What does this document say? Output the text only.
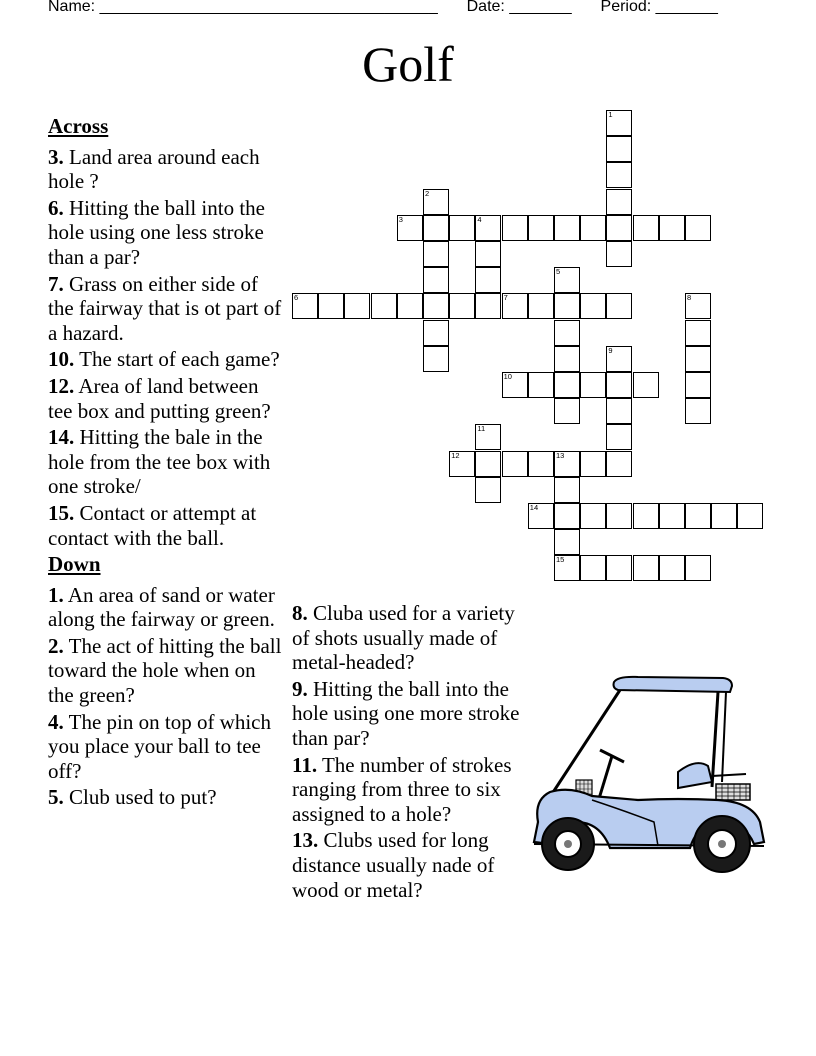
Name: ______________________________________ Date: _______ Period: _______
Golf
Across
3. Land area around each hole ?
6. Hitting the ball into the hole using one less stroke than a par?
7. Grass on either side of the fairway that is ot part of a hazard.
10. The start of each game?
12. Area of land between tee box and putting green?
14. Hitting the bale in the hole from the tee box with one stroke/
15. Contact or attempt at contact with the ball.
Down
1. An area of sand or water along the fairway or green.
2. The act of hitting the ball toward the hole when on the green?
4. The pin on top of which you place your ball to tee off?
5. Club used to put?
8. Cluba used for a variety of shots usually made of metal-headed?
9. Hitting the ball into the hole using one more stroke than par?
11. The number of strokes ranging from three to six assigned to a hole?
13. Clubs used for long distance usually nade of wood or metal?
1
2
4
5
8
9
11
13
3
6	7
10
12
14
15
